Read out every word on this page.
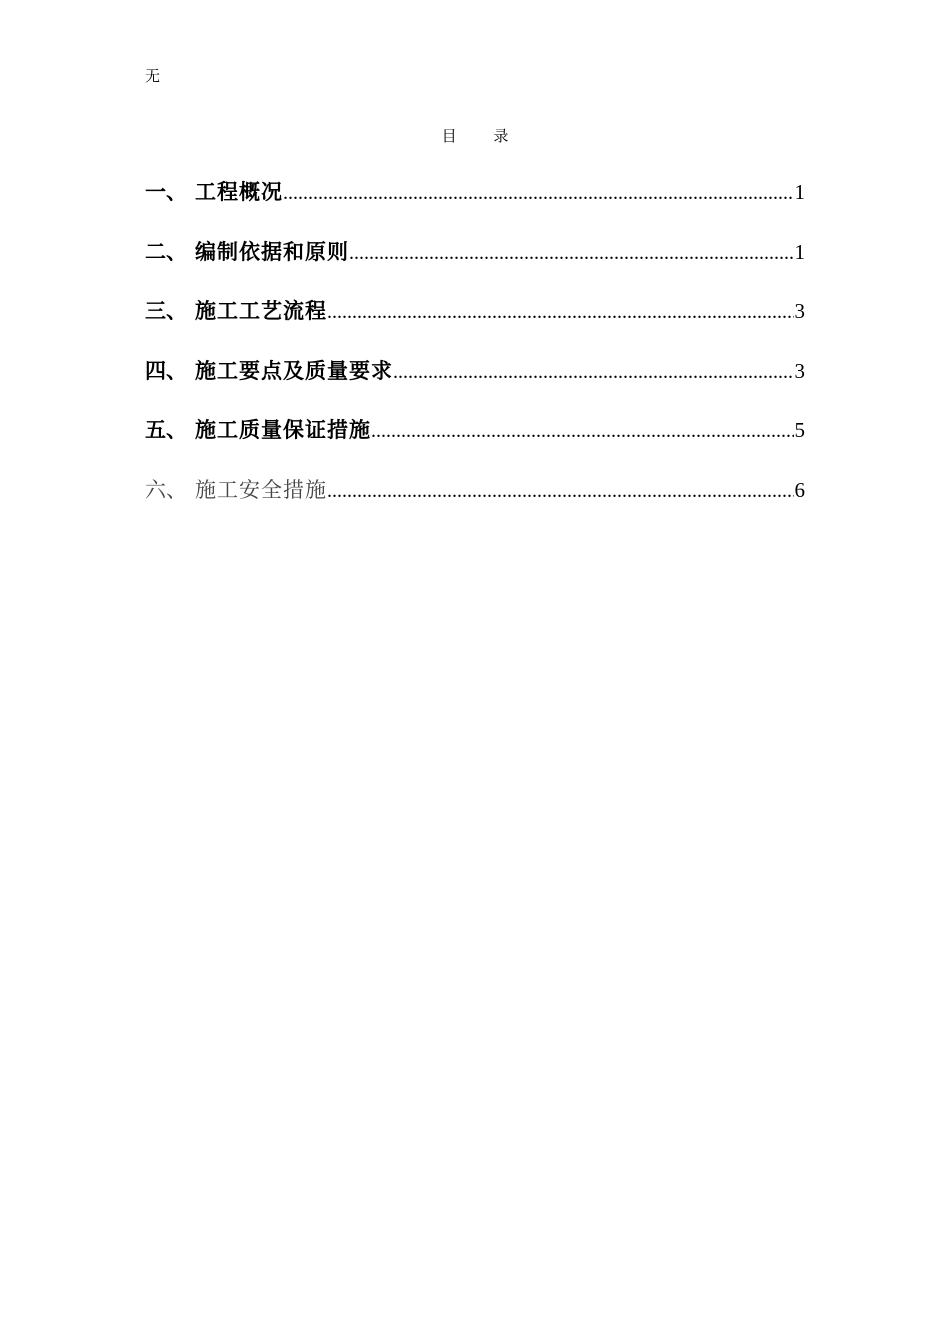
无
目 录
一、 工程概况 .....	1
二、 编制依据和原则 .....	1
三、 施工工艺流程 .....	3
四、 施工要点及质量要求 .....	3
五、 施工质量保证措施 .....	5
六、 施工安全措施 .....	6
